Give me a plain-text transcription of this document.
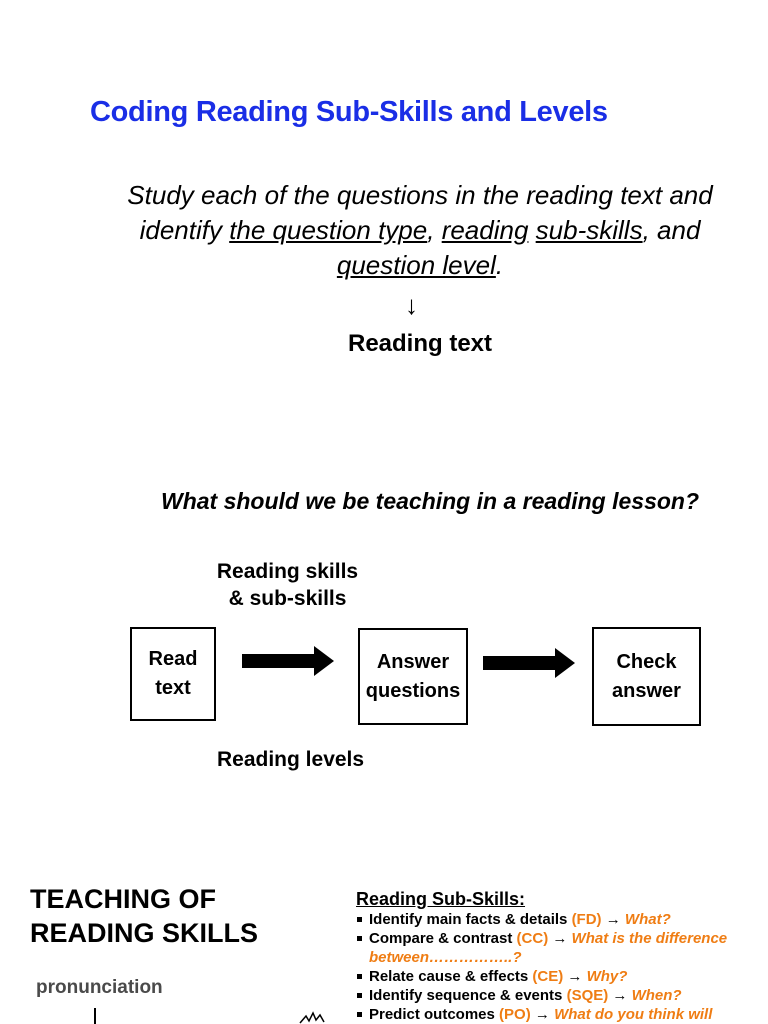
Coding Reading Sub-Skills and Levels
Study each of the questions in the reading text and
identify the question type, reading sub-skills, and
question level.
↓
Reading text
What should we be teaching in a reading lesson?
Reading skills
& sub-skills
Read
text
Answer
questions
Check
answer
Reading levels
TEACHING OF
READING SKILLS
pronunciation
Reading Sub-Skills:
Identify main facts & details (FD) → What?
Compare & contrast (CC) → What is the difference
between……………..?
Relate cause & effects (CE) → Why?
Identify sequence & events (SQE) → When?
Predict outcomes (PO) → What do you think will
